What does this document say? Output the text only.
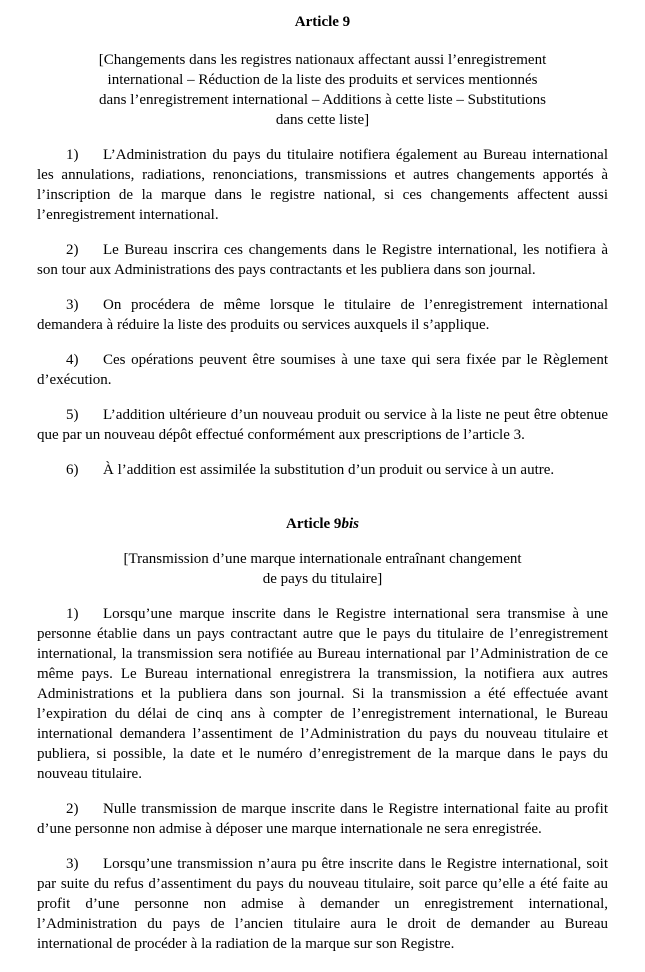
Article 9
[Changements dans les registres nationaux affectant aussi l’enregistrement
international – Réduction de la liste des produits et services mentionnés
dans l’enregistrement international – Additions à cette liste – Substitutions
dans cette liste]
1) L’Administration du pays du titulaire notifiera également au Bureau international les annulations, radiations, renonciations, transmissions et autres changements apportés à l’inscription de la marque dans le registre national, si ces changements affectent aussi l’enregistrement international.
2) Le Bureau inscrira ces changements dans le Registre international, les notifiera à son tour aux Administrations des pays contractants et les publiera dans son journal.
3) On procédera de même lorsque le titulaire de l’enregistrement international demandera à réduire la liste des produits ou services auxquels il s’applique.
4) Ces opérations peuvent être soumises à une taxe qui sera fixée par le Règlement d’exécution.
5) L’addition ultérieure d’un nouveau produit ou service à la liste ne peut être obtenue que par un nouveau dépôt effectué conformément aux prescriptions de l’article 3.
6) À l’addition est assimilée la substitution d’un produit ou service à un autre.
Article 9bis
[Transmission d’une marque internationale entraînant changement
de pays du titulaire]
1) Lorsqu’une marque inscrite dans le Registre international sera transmise à une personne établie dans un pays contractant autre que le pays du titulaire de l’enregistrement international, la transmission sera notifiée au Bureau international par l’Administration de ce même pays. Le Bureau international enregistrera la transmission, la notifiera aux autres Administrations et la publiera dans son journal. Si la transmission a été effectuée avant l’expiration du délai de cinq ans à compter de l’enregistrement international, le Bureau international demandera l’assentiment de l’Administration du pays du nouveau titulaire et publiera, si possible, la date et le numéro d’enregistrement de la marque dans le pays du nouveau titulaire.
2) Nulle transmission de marque inscrite dans le Registre international faite au profit d’une personne non admise à déposer une marque internationale ne sera enregistrée.
3) Lorsqu’une transmission n’aura pu être inscrite dans le Registre international, soit par suite du refus d’assentiment du pays du nouveau titulaire, soit parce qu’elle a été faite au profit d’une personne non admise à demander un enregistrement international, l’Administration du pays de l’ancien titulaire aura le droit de demander au Bureau international de procéder à la radiation de la marque sur son Registre.
